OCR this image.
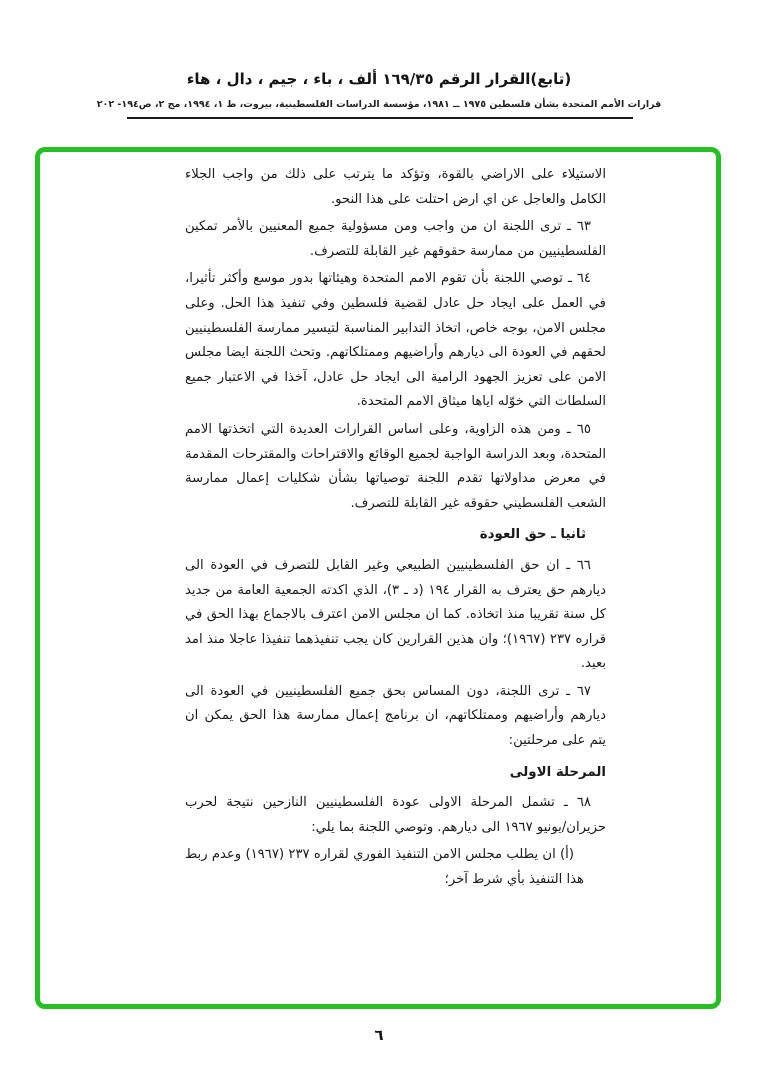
(تابع)القرار الرقم ١٦٩/٣٥ ألف ، باء ، جيم ، دال ، هاء
قرارات الأمم المتحدة بشأن فلسطين ١٩٧٥ ــ ١٩٨١، مؤسسة الدراسات الفلسطينية، بيروت، ط ١، ١٩٩٤، مج ٢، ص١٩٤- ٢٠٢

الاستيلاء على الاراضي بالقوة، وتؤكد ما يترتب على ذلك من واجب الجلاء الكامل والعاجل عن اي ارض احتلت على هذا النحو.

٦٣ ـ ترى اللجنة ان من واجب ومن مسؤولية جميع المعنيين بالأمر تمكين الفلسطينيين من ممارسة حقوقهم غير القابلة للتصرف.

٦٤ ـ توصي اللجنة بأن تقوم الامم المتحدة وهيئاتها بدور موسع وأكثر تأثيرا، في العمل على ايجاد حل عادل لقضية فلسطين وفي تنفيذ هذا الحل. وعلى مجلس الامن، بوجه خاص، اتخاذ التدابير المناسبة لتيسير ممارسة الفلسطينيين لحقهم في العودة الى ديارهم وأراضيهم وممتلكاتهم. وتحث اللجنة ايضا مجلس الامن على تعزيز الجهود الرامية الى ايجاد حل عادل، آخذا في الاعتبار جميع السلطات التي خوّله اياها ميثاق الامم المتحدة.

٦٥ ـ ومن هذه الزاوية، وعلى اساس القرارات العديدة التي اتخذتها الامم المتحدة، وبعد الدراسة الواجبة لجميع الوقائع والاقتراحات والمقترحات المقدمة في معرض مداولاتها تقدم اللجنة توصياتها بشأن شكليات إعمال ممارسة الشعب الفلسطيني حقوقه غير القابلة للتصرف.

ثانيا ـ حق العودة

٦٦ ـ ان حق الفلسطينيين الطبيعي وغير القابل للتصرف في العودة الى ديارهم حق يعترف به القرار ١٩٤ (د ـ ٣)، الذي اكدته الجمعية العامة من جديد كل سنة تقريبا منذ اتخاذه. كما ان مجلس الامن اعترف بالاجماع بهذا الحق في قراره ٢٣٧ (١٩٦٧)؛ وان هذين القرارين كان يجب تنفيذهما تنفيذا عاجلا منذ امد بعيد.

٦٧ ـ ترى اللجنة، دون المساس بحق جميع الفلسطينيين في العودة الى ديارهم وأراضيهم وممتلكاتهم، ان برنامج إعمال ممارسة هذا الحق يمكن ان يتم على مرحلتين:

المرحلة الاولى

٦٨ ـ تشمل المرحلة الاولى عودة الفلسطينيين النازحين نتيجة لحرب حزيران/يونيو ١٩٦٧ الى ديارهم. وتوصي اللجنة بما يلي:

(أ) ان يطلب مجلس الامن التنفيذ الفوري لقراره ٢٣٧ (١٩٦٧) وعدم ربط هذا التنفيذ بأي شرط آخر؛

٦
